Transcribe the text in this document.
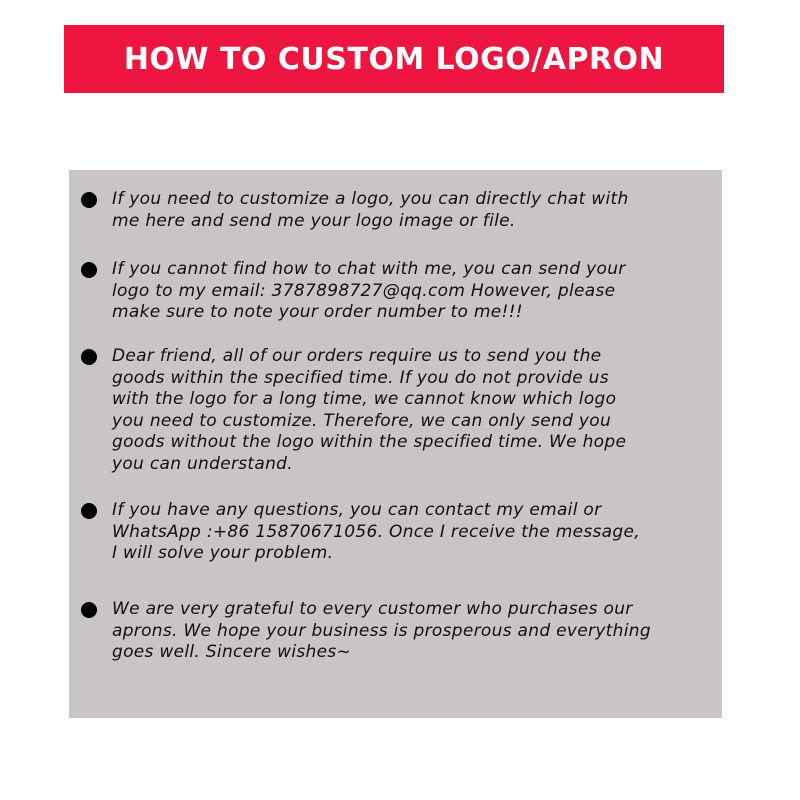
HOW TO CUSTOM LOGO/APRON
If you need to customize a logo, you can directly chat with
me here and send me your logo image or file.
If you cannot find how to chat with me, you can send your
logo to my email: 3787898727@qq.com However, please
make sure to note your order number to me!!!
Dear friend, all of our orders require us to send you the
goods within the specified time. If you do not provide us
with the logo for a long time, we cannot know which logo
you need to customize. Therefore, we can only send you
goods without the logo within the specified time. We hope
you can understand.
If you have any questions, you can contact my email or
WhatsApp :+86 15870671056. Once I receive the message,
I will solve your problem.
We are very grateful to every customer who purchases our
aprons. We hope your business is prosperous and everything
goes well. Sincere wishes~
